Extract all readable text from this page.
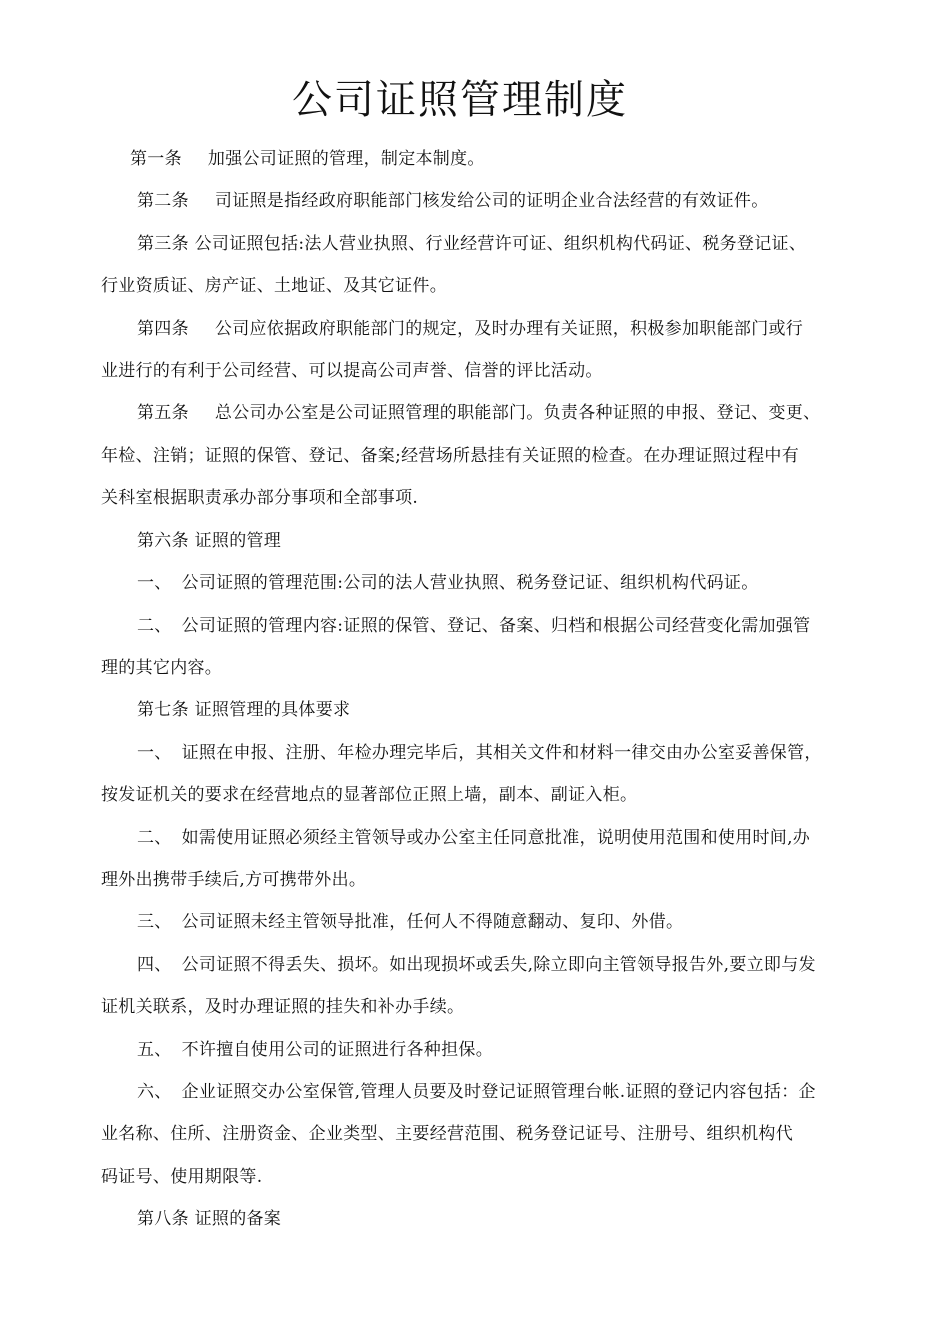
公司证照管理制度

第一条 加强公司证照的管理，制定本制度。

第二条 司证照是指经政府职能部门核发给公司的证明企业合法经营的有效证件。

第三条 公司证照包括:法人营业执照、行业经营许可证、组织机构代码证、税务登记证、

行业资质证、房产证、土地证、及其它证件。

第四条 公司应依据政府职能部门的规定，及时办理有关证照，积极参加职能部门或行

业进行的有利于公司经营、可以提高公司声誉、信誉的评比活动。

第五条 总公司办公室是公司证照管理的职能部门。负责各种证照的申报、登记、变更、

年检、注销；证照的保管、登记、备案;经营场所悬挂有关证照的检查。在办理证照过程中有

关科室根据职责承办部分事项和全部事项.

第六条 证照的管理

一、 公司证照的管理范围:公司的法人营业执照、税务登记证、组织机构代码证。

二、 公司证照的管理内容:证照的保管、登记、备案、归档和根据公司经营变化需加强管

理的其它内容。

第七条 证照管理的具体要求

一、 证照在申报、注册、年检办理完毕后，其相关文件和材料一律交由办公室妥善保管，

按发证机关的要求在经营地点的显著部位正照上墙，副本、副证入柜。

二、 如需使用证照必须经主管领导或办公室主任同意批准，说明使用范围和使用时间,办

理外出携带手续后,方可携带外出。

三、 公司证照未经主管领导批准，任何人不得随意翻动、复印、外借。

四、 公司证照不得丢失、损坏。如出现损坏或丢失,除立即向主管领导报告外,要立即与发

证机关联系，及时办理证照的挂失和补办手续。

五、 不许擅自使用公司的证照进行各种担保。

六、 企业证照交办公室保管,管理人员要及时登记证照管理台帐.证照的登记内容包括：企

业名称、住所、注册资金、企业类型、主要经营范围、税务登记证号、注册号、组织机构代

码证号、使用期限等.

第八条 证照的备案
